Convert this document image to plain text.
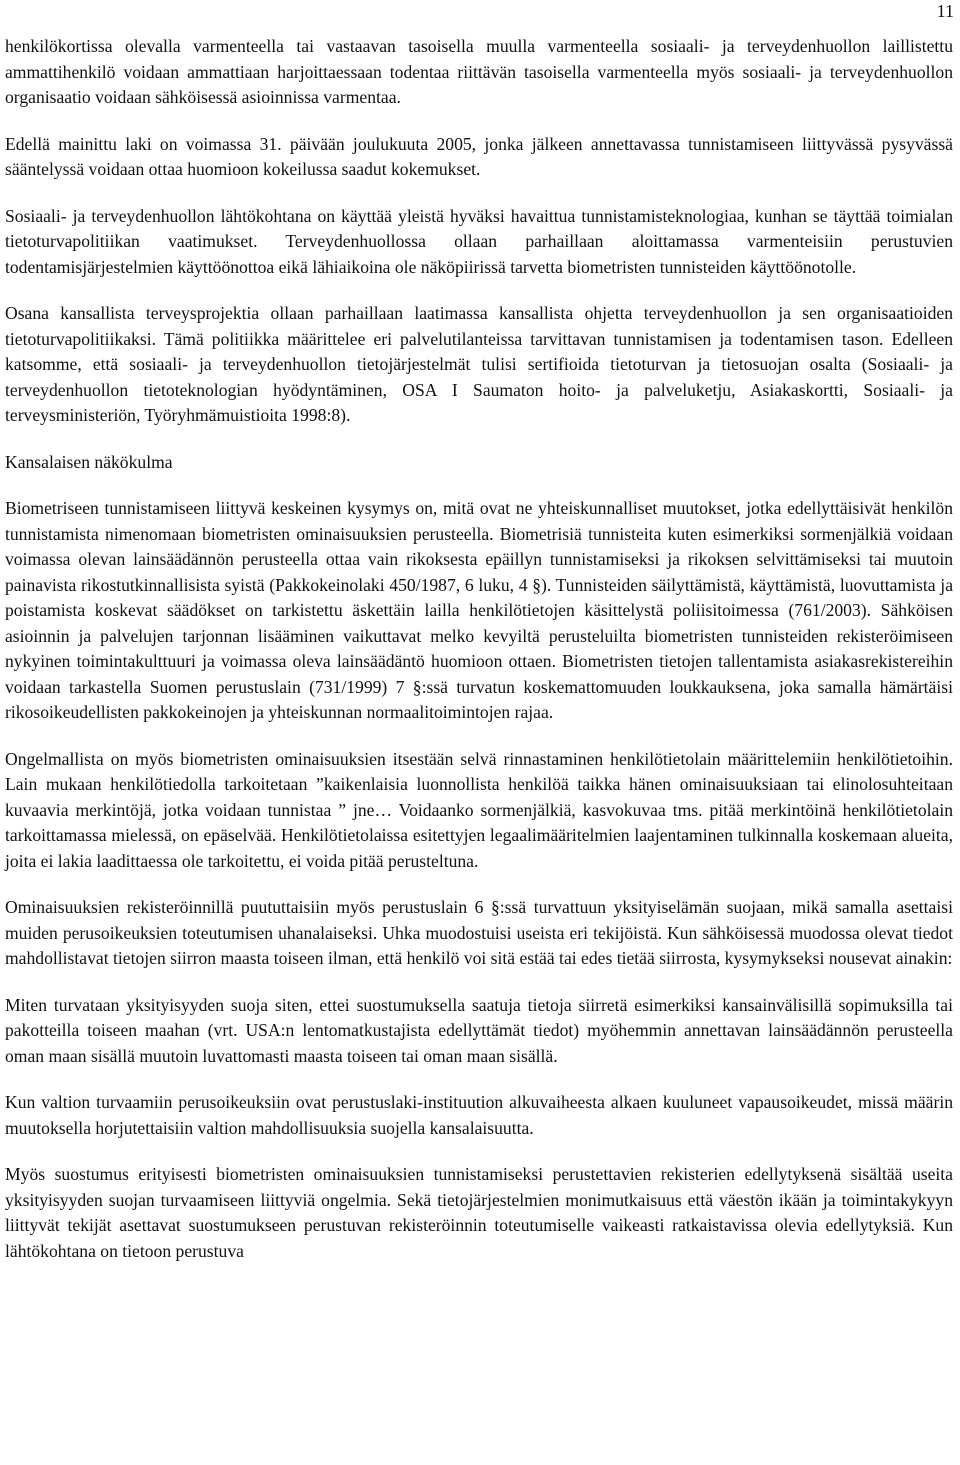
11

henkilökortissa olevalla varmenteella tai vastaavan tasoisella muulla varmenteella sosiaali- ja terveydenhuollon laillistettu ammattihenkilö voidaan ammattiaan harjoittaessaan todentaa riittävän tasoisella varmenteella myös sosiaali- ja terveydenhuollon organisaatio voidaan sähköisessä asioinnissa varmentaa.

Edellä mainittu laki on voimassa 31. päivään joulukuuta 2005, jonka jälkeen annettavassa tunnistamiseen liittyvässä pysyvässä sääntelyssä voidaan ottaa huomioon kokeilussa saadut kokemukset.

Sosiaali- ja terveydenhuollon lähtökohtana on käyttää yleistä hyväksi havaittua tunnistamisteknologiaa, kunhan se täyttää toimialan tietoturvapolitiikan vaatimukset. Terveydenhuollossa ollaan parhaillaan aloittamassa varmenteisiin perustuvien todentamisjärjestelmien käyttöönottoa eikä lähiaikoina ole näköpiirissä tarvetta biometristen tunnisteiden käyttöönotolle.

Osana kansallista terveysprojektia ollaan parhaillaan laatimassa kansallista ohjetta terveydenhuollon ja sen organisaatioiden tietoturvapolitiikaksi. Tämä politiikka määrittelee eri palvelutilanteissa tarvittavan tunnistamisen ja todentamisen tason. Edelleen katsomme, että sosiaali- ja terveydenhuollon tietojärjestelmät tulisi sertifioida tietoturvan ja tietosuojan osalta (Sosiaali- ja terveydenhuollon tietoteknologian hyödyntäminen, OSA I Saumaton hoito- ja palveluketju, Asiakaskortti, Sosiaali- ja terveysministeriön, Työryhmämuistioita 1998:8).

Kansalaisen näkökulma

Biometriseen tunnistamiseen liittyvä keskeinen kysymys on, mitä ovat ne yhteiskunnalliset muutokset, jotka edellyttäisivät henkilön tunnistamista nimenomaan biometristen ominaisuuksien perusteella. Biometrisiä tunnisteita kuten esimerkiksi sormenjälkiä voidaan voimassa olevan lainsäädännön perusteella ottaa vain rikoksesta epäillyn tunnistamiseksi ja rikoksen selvittämiseksi tai muutoin painavista rikostutkinnallisista syistä (Pakkokeinolaki 450/1987, 6 luku, 4 §). Tunnisteiden säilyttämistä, käyttämistä, luovuttamista ja poistamista koskevat säädökset on tarkistettu äskettäin lailla henkilötietojen käsittelystä poliisitoimessa (761/2003). Sähköisen asioinnin ja palvelujen tarjonnan lisääminen vaikuttavat melko kevyiltä perusteluilta biometristen tunnisteiden rekisteröimiseen nykyinen toimintakulttuuri ja voimassa oleva lainsäädäntö huomioon ottaen. Biometristen tietojen tallentamista asiakasrekistereihin voidaan tarkastella Suomen perustuslain (731/1999) 7 §:ssä turvatun koskemattomuuden loukkauksena, joka samalla hämärtäisi rikosoikeudellisten pakkokeinojen ja yhteiskunnan normaalitoimintojen rajaa.

Ongelmallista on myös biometristen ominaisuuksien itsestään selvä rinnastaminen henkilötietolain määrittelemiin henkilötietoihin. Lain mukaan henkilötiedolla tarkoitetaan ”kaikenlaisia luonnollista henkilöä taikka hänen ominaisuuksiaan tai elinolosuhteitaan kuvaavia merkintöjä, jotka voidaan tunnistaa ” jne… Voidaanko sormenjälkiä, kasvokuvaa tms. pitää merkintöinä henkilötietolain tarkoittamassa mielessä, on epäselvää. Henkilötietolaissa esitettyjen legaalimääritelmien laajentaminen tulkinnalla koskemaan alueita, joita ei lakia laadittaessa ole tarkoitettu, ei voida pitää perusteltuna.

Ominaisuuksien rekisteröinnillä puututtaisiin myös perustuslain 6 §:ssä turvattuun yksityiselämän suojaan, mikä samalla asettaisi muiden perusoikeuksien toteutumisen uhanalaiseksi. Uhka muodostuisi useista eri tekijöistä. Kun sähköisessä muodossa olevat tiedot mahdollistavat tietojen siirron maasta toiseen ilman, että henkilö voi sitä estää tai edes tietää siirrosta, kysymykseksi nousevat ainakin:

Miten turvataan yksityisyyden suoja siten, ettei suostumuksella saatuja tietoja siirretä esimerkiksi kansainvälisillä sopimuksilla tai pakotteilla toiseen maahan (vrt. USA:n lentomatkustajista edellyttämät tiedot) myöhemmin annettavan lainsäädännön perusteella oman maan sisällä muutoin luvattomasti maasta toiseen tai oman maan sisällä.

Kun valtion turvaamiin perusoikeuksiin ovat perustuslaki-instituution alkuvaiheesta alkaen kuuluneet vapausoikeudet, missä määrin muutoksella horjutettaisiin valtion mahdollisuuksia suojella kansalaisuutta.

Myös suostumus erityisesti biometristen ominaisuuksien tunnistamiseksi perustettavien rekisterien edellytyksenä sisältää useita yksityisyyden suojan turvaamiseen liittyviä ongelmia. Sekä tietojärjestelmien monimutkaisuus että väestön ikään ja toimintakykyyn liittyvät tekijät asettavat suostumukseen perustuvan rekisteröinnin toteutumiselle vaikeasti ratkaistavissa olevia edellytyksiä. Kun lähtökohtana on tietoon perustuva
